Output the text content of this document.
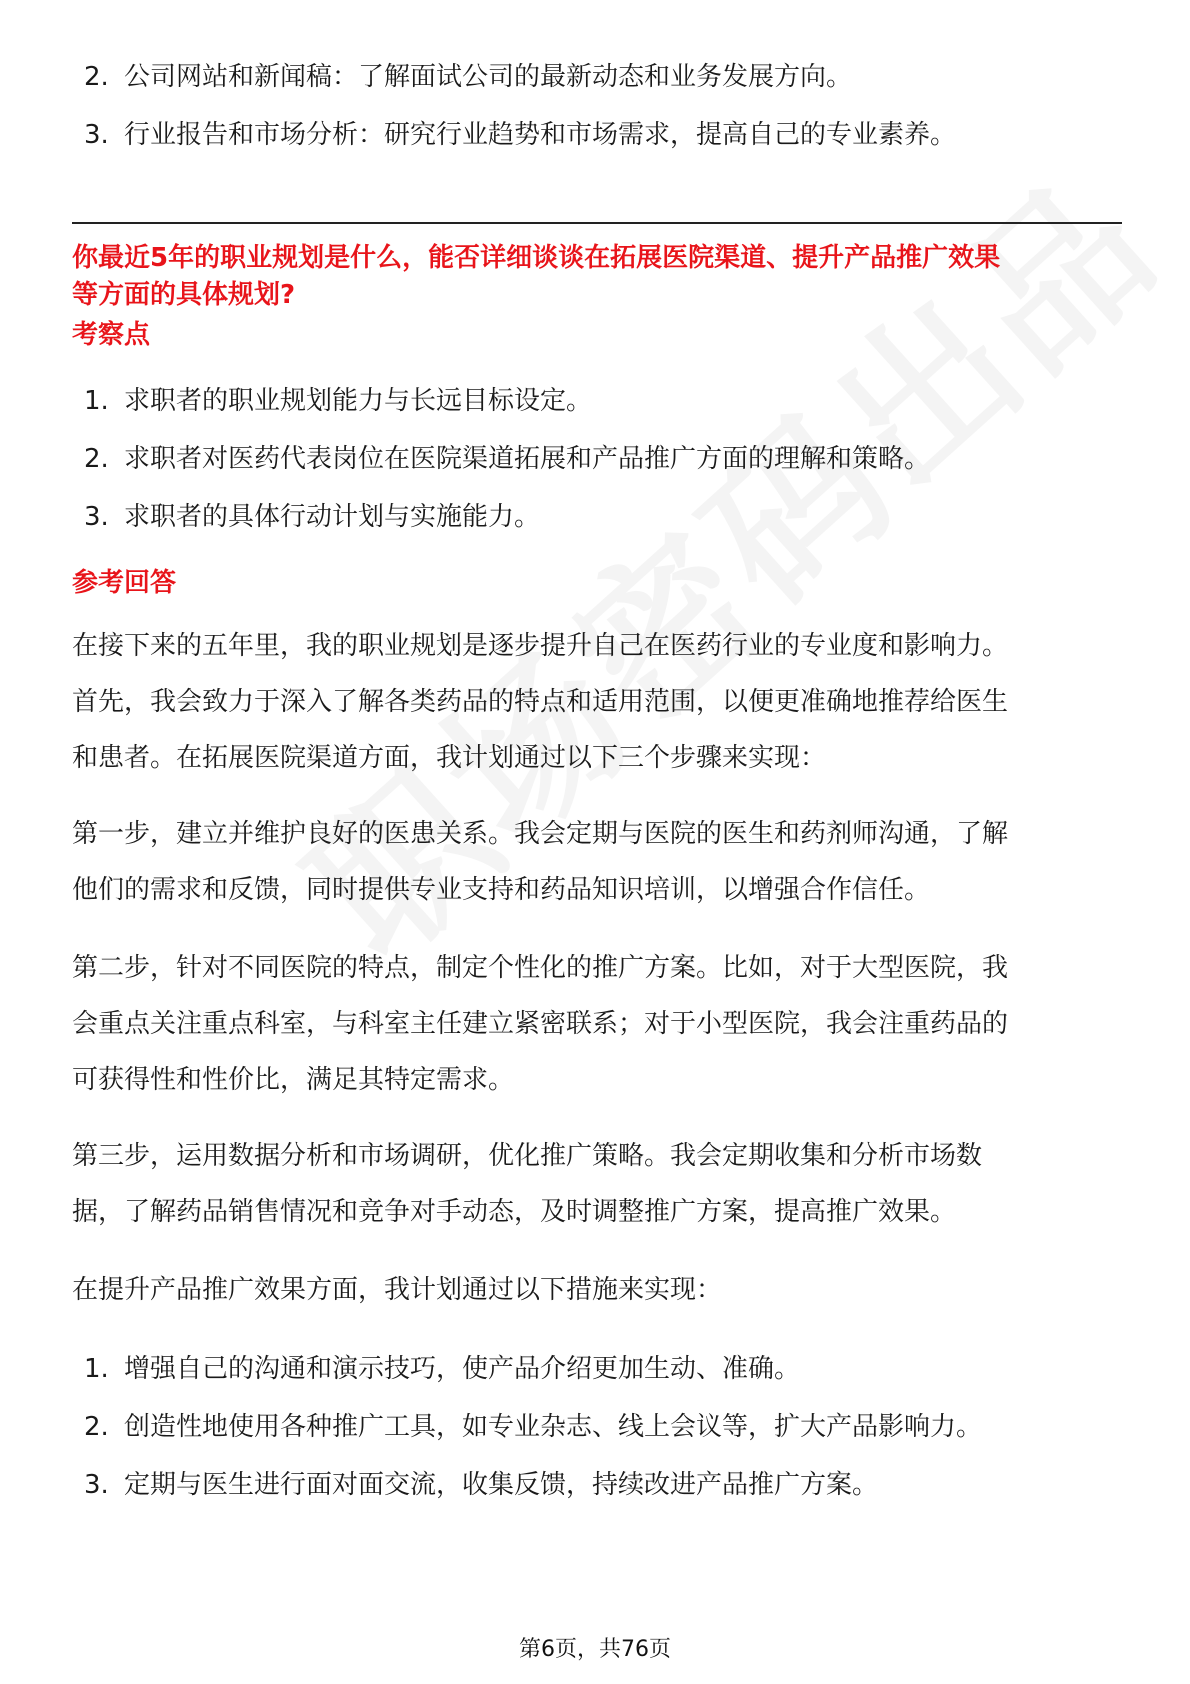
2. 公司网站和新闻稿：了解面试公司的最新动态和业务发展方向。
3. 行业报告和市场分析：研究行业趋势和市场需求，提高自己的专业素养。

你最近5年的职业规划是什么，能否详细谈谈在拓展医院渠道、提升产品推广效果
等方面的具体规划?

考察点

1. 求职者的职业规划能力与长远目标设定。
2. 求职者对医药代表岗位在医院渠道拓展和产品推广方面的理解和策略。
3. 求职者的具体行动计划与实施能力。

参考回答

在接下来的五年里，我的职业规划是逐步提升自己在医药行业的专业度和影响力。
首先，我会致力于深入了解各类药品的特点和适用范围，以便更准确地推荐给医生
和患者。在拓展医院渠道方面，我计划通过以下三个步骤来实现：

第一步，建立并维护良好的医患关系。我会定期与医院的医生和药剂师沟通，了解
他们的需求和反馈，同时提供专业支持和药品知识培训，以增强合作信任。

第二步，针对不同医院的特点，制定个性化的推广方案。比如，对于大型医院，我
会重点关注重点科室，与科室主任建立紧密联系；对于小型医院，我会注重药品的
可获得性和性价比，满足其特定需求。

第三步，运用数据分析和市场调研，优化推广策略。我会定期收集和分析市场数
据，了解药品销售情况和竞争对手动态，及时调整推广方案，提高推广效果。

在提升产品推广效果方面，我计划通过以下措施来实现：

1. 增强自己的沟通和演示技巧，使产品介绍更加生动、准确。
2. 创造性地使用各种推广工具，如专业杂志、线上会议等，扩大产品影响力。
3. 定期与医生进行面对面交流，收集反馈，持续改进产品推广方案。
第6页，共76页
